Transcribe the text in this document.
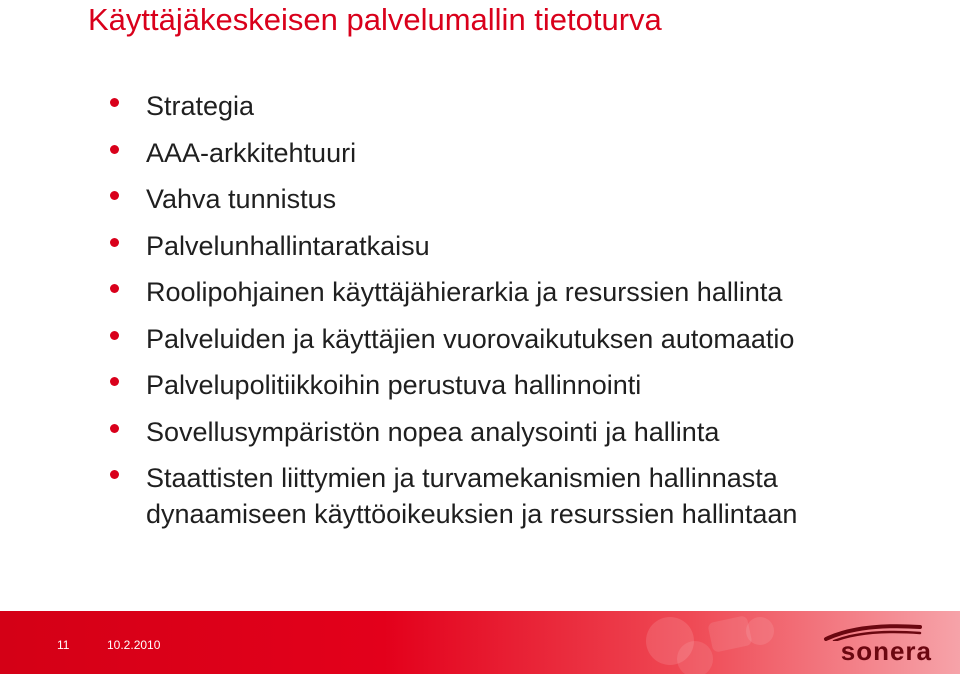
Käyttäjäkeskeisen palvelumallin tietoturva
Strategia
AAA-arkkitehtuuri
Vahva tunnistus
Palvelunhallintaratkaisu
Roolipohjainen käyttäjähierarkia ja resurssien hallinta
Palveluiden ja käyttäjien vuorovaikutuksen automaatio
Palvelupolitiikkoihin perustuva hallinnointi
Sovellusympäristön nopea analysointi ja hallinta
Staattisten liittymien ja turvamekanismien hallinnasta dynaamiseen käyttöoikeuksien ja resurssien hallintaan
11	10.2.2010	sonera
